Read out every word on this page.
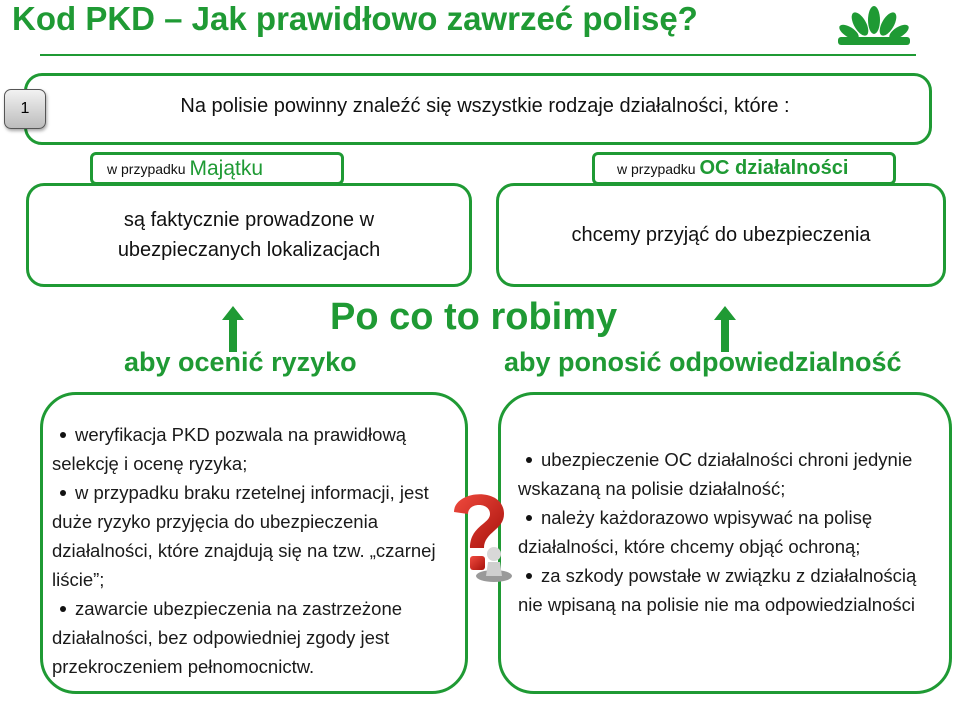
Kod PKD – Jak prawidłowo zawrzeć polisę?
1	Na polisie powinny znaleźć się wszystkie rodzaje działalności, które :
w przypadku
Majątku	w przypadku
OC działalności
są faktycznie prowadzone w ubezpieczanych lokalizacjach
chcemy przyjąć do ubezpieczenia
Po co to robimy
aby ocenić ryzyko	aby ponosić odpowiedzialność
weryfikacja PKD pozwala na prawidłową selekcję i ocenę ryzyka;
w przypadku braku rzetelnej informacji, jest duże ryzyko przyjęcia do ubezpieczenia działalności, które znajdują się na tzw. „czarnej liście”;
zawarcie ubezpieczenia na zastrzeżone działalności, bez odpowiedniej zgody jest przekroczeniem pełnomocnictw.
ubezpieczenie OC działalności chroni jedynie wskazaną na polisie działalność;
należy każdorazowo wpisywać na polisę działalności, które chcemy objąć ochroną;
za szkody powstałe w związku z działalnością nie wpisaną na polisie nie ma odpowiedzialności
